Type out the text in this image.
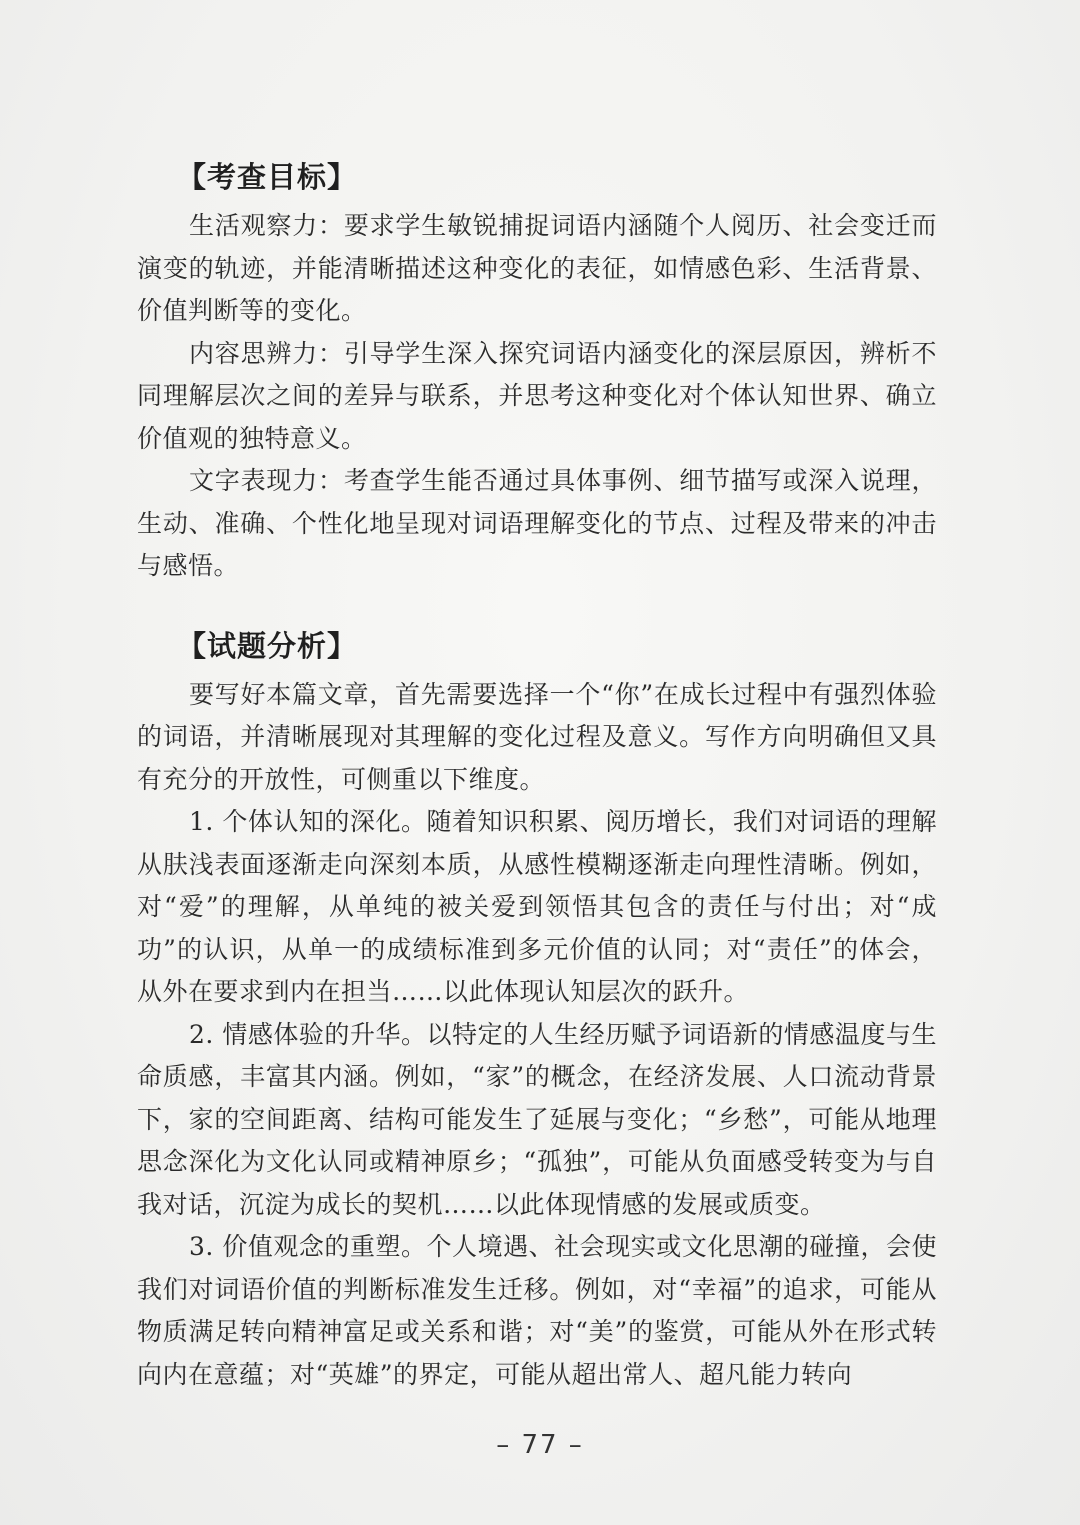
【考查目标】

生活观察力：要求学生敏锐捕捉词语内涵随个人阅历、社会变迁而演变的轨迹，并能清晰描述这种变化的表征，如情感色彩、生活背景、价值判断等的变化。

内容思辨力：引导学生深入探究词语内涵变化的深层原因，辨析不同理解层次之间的差异与联系，并思考这种变化对个体认知世界、确立价值观的独特意义。

文字表现力：考查学生能否通过具体事例、细节描写或深入说理，生动、准确、个性化地呈现对词语理解变化的节点、过程及带来的冲击与感悟。

【试题分析】

要写好本篇文章，首先需要选择一个“你”在成长过程中有强烈体验的词语，并清晰展现对其理解的变化过程及意义。写作方向明确但又具有充分的开放性，可侧重以下维度。

1. 个体认知的深化。随着知识积累、阅历增长，我们对词语的理解从肤浅表面逐渐走向深刻本质，从感性模糊逐渐走向理性清晰。例如，对“爱”的理解，从单纯的被关爱到领悟其包含的责任与付出；对“成功”的认识，从单一的成绩标准到多元价值的认同；对“责任”的体会，从外在要求到内在担当……以此体现认知层次的跃升。

2. 情感体验的升华。以特定的人生经历赋予词语新的情感温度与生命质感，丰富其内涵。例如，“家”的概念，在经济发展、人口流动背景下，家的空间距离、结构可能发生了延展与变化；“乡愁”，可能从地理思念深化为文化认同或精神原乡；“孤独”，可能从负面感受转变为与自我对话，沉淀为成长的契机……以此体现情感的发展或质变。

3. 价值观念的重塑。个人境遇、社会现实或文化思潮的碰撞，会使我们对词语价值的判断标准发生迁移。例如，对“幸福”的追求，可能从物质满足转向精神富足或关系和谐；对“美”的鉴赏，可能从外在形式转向内在意蕴；对“英雄”的界定，可能从超出常人、超凡能力转向

– 77 –
